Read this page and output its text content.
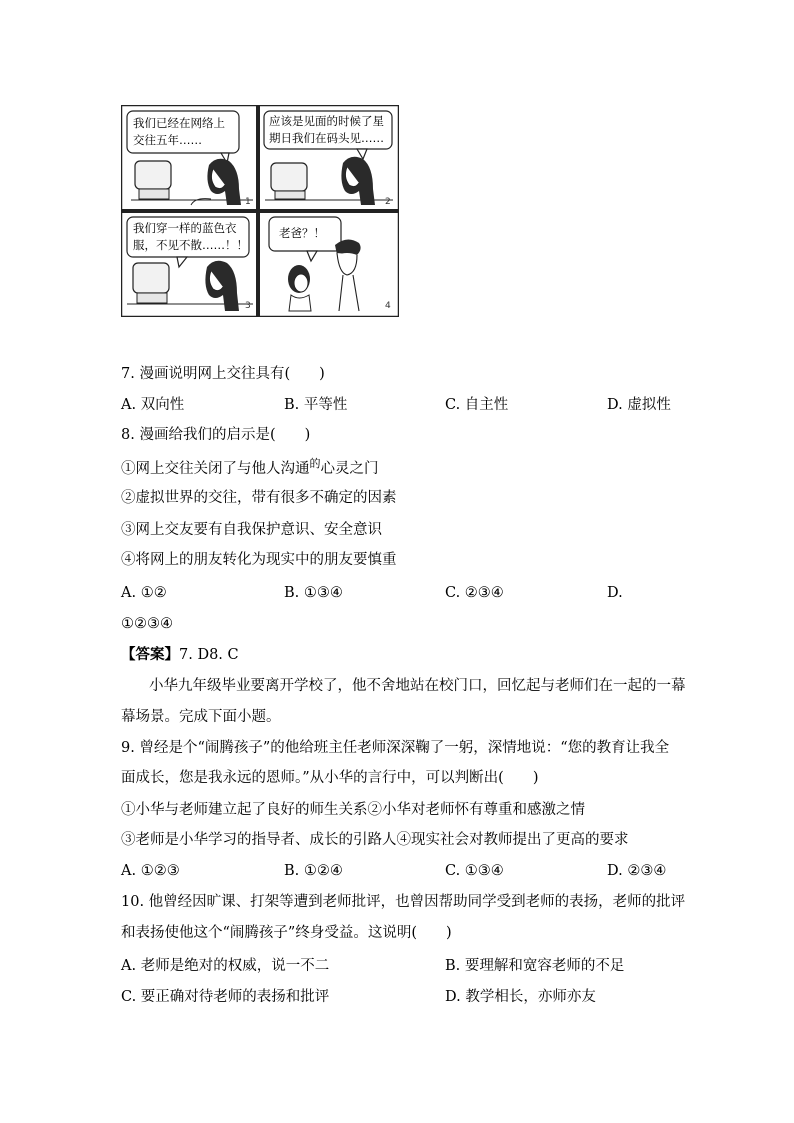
我们已经在网络上
交往五年……
应该是见面的时候了星
期日我们在码头见……
我们穿一样的蓝色衣
服，不见不散……！！
老爸？！
1	2
3	4
7. 漫画说明网上交往具有(　　)
A. 双向性	B. 平等性	C. 自主性	D. 虚拟性
8. 漫画给我们的启示是(　　)
①网上交往关闭了与他人沟通$^的$心灵之门
②虚拟世界的交往，带有很多不确定的因素
③网上交友要有自我保护意识、安全意识
④将网上的朋友转化为现实中的朋友要慎重
A. ①②	B. ①③④	C. ②③④	D.
①②③④
【答案】7. D8. C
小华九年级毕业要离开学校了，他不舍地站在校门口，回忆起与老师们在一起的一幕
幕场景。完成下面小题。
9. 曾经是个“闹腾孩子”的他给班主任老师深深鞠了一躬，深情地说：“您的教育让我全
面成长，您是我永远的恩师。”从小华的言行中，可以判断出(　　)
①小华与老师建立起了良好的师生关系②小华对老师怀有尊重和感激之情
③老师是小华学习的指导者、成长的引路人④现实社会对教师提出了更高的要求
A. ①②③	B. ①②④	C. ①③④	D. ②③④
10. 他曾经因旷课、打架等遭到老师批评，也曾因帮助同学受到老师的表扬，老师的批评
和表扬使他这个“闹腾孩子”终身受益。这说明(　　)
A. 老师是绝对的权威，说一不二	B. 要理解和宽容老师的不足
C. 要正确对待老师的表扬和批评	D. 教学相长，亦师亦友
